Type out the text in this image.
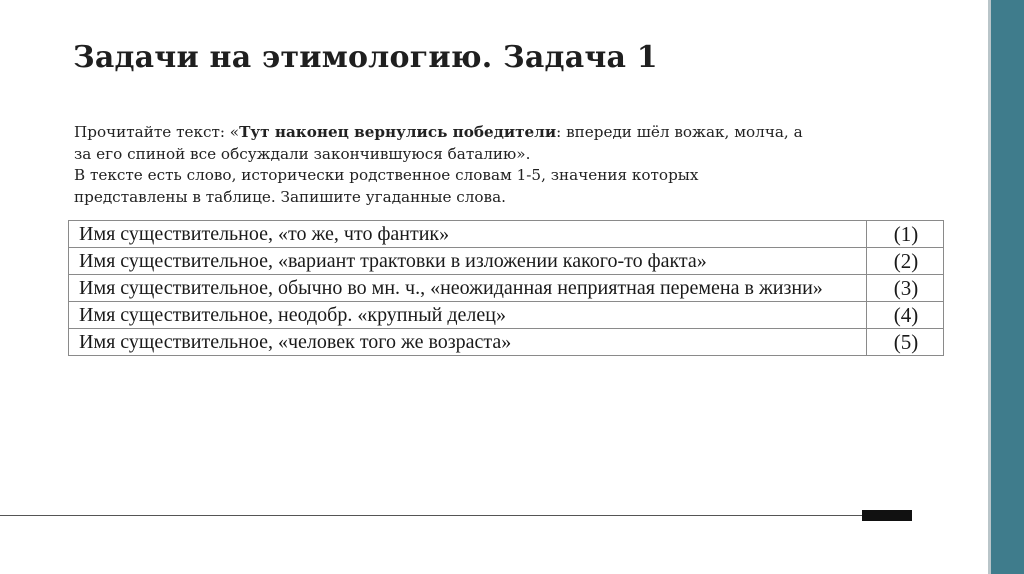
Задачи на этимологию. Задача 1
Прочитайте текст: «Тут наконец вернулись победители: впереди шёл вожак, молча, а
за его спиной все обсуждали закончившуюся баталию».
В тексте есть слово, исторически родственное словам 1-5, значения которых
представлены в таблице. Запишите угаданные слова.
Имя существительное, «то же, что фантик»	(1)
Имя существительное, «вариант трактовки в изложении какого-то факта»	(2)
Имя существительное, обычно во мн. ч., «неожиданная неприятная перемена в жизни»	(3)
Имя существительное, неодобр. «крупный делец»	(4)
Имя существительное, «человек того же возраста»	(5)
